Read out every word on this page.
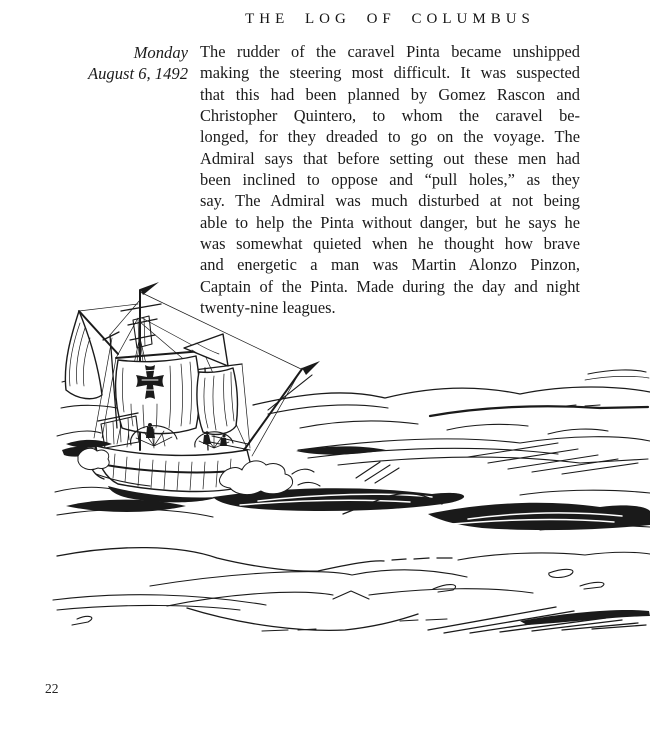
THE LOG OF COLUMBUS
Monday
August 6, 1492
The rudder of the caravel Pinta became unshipped
making the steering most difficult. It was suspected
that this had been planned by Gomez Rascon and
Christopher Quintero, to whom the caravel be-
longed, for they dreaded to go on the voyage. The
Admiral says that before setting out these men had
been inclined to oppose and “pull holes,” as they
say. The Admiral was much disturbed at not being
able to help the Pinta without danger, but he says he
was somewhat quieted when he thought how brave
and energetic a man was Martin Alonzo Pinzon,
Captain of the Pinta. Made during the day and night
twenty-nine leagues.
22
